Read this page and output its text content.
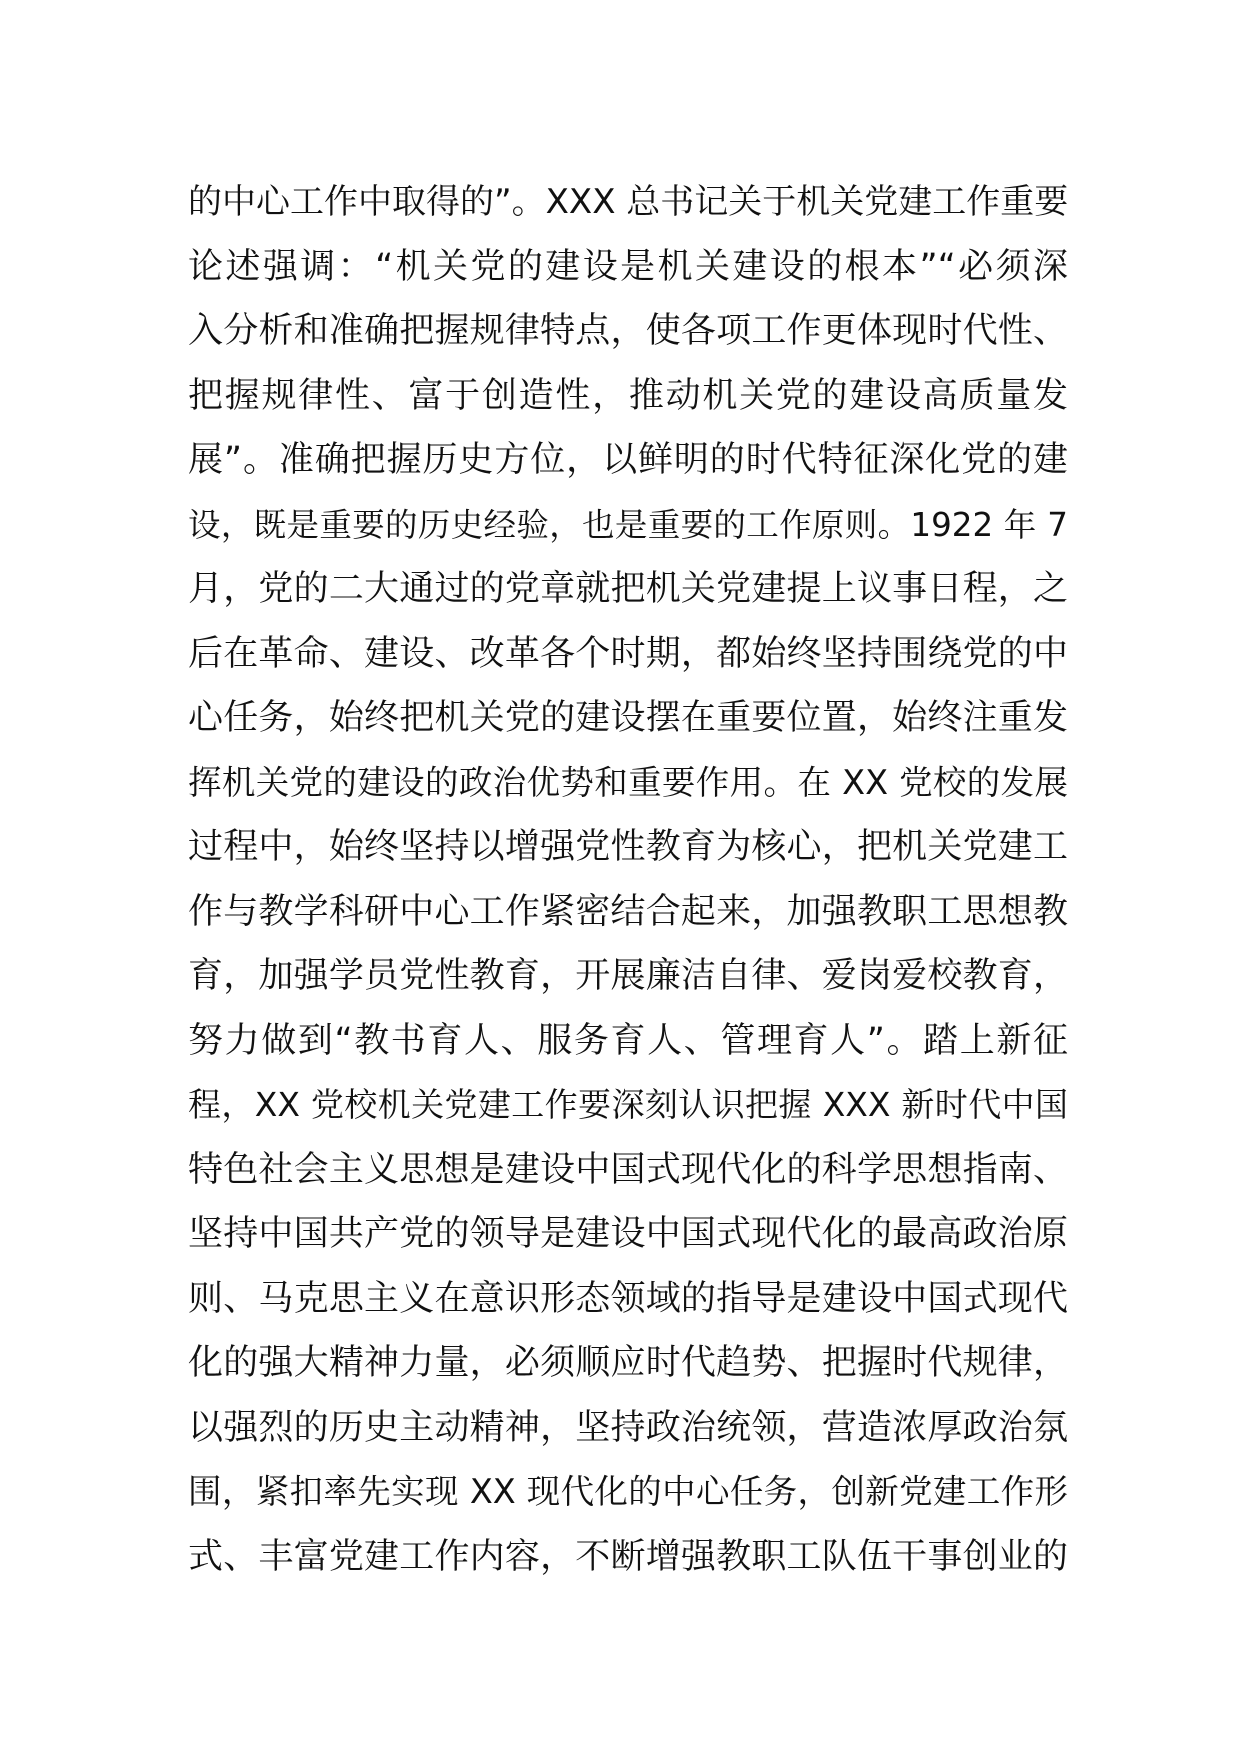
的中心工作中取得的”。XXX 总书记关于机关党建工作重要
论述强调：“机关党的建设是机关建设的根本”“必须深
入分析和准确把握规律特点，使各项工作更体现时代性、
把握规律性、富于创造性，推动机关党的建设高质量发
展”。准确把握历史方位，以鲜明的时代特征深化党的建
设，既是重要的历史经验，也是重要的工作原则。1922 年 7
月，党的二大通过的党章就把机关党建提上议事日程，之
后在革命、建设、改革各个时期，都始终坚持围绕党的中
心任务，始终把机关党的建设摆在重要位置，始终注重发
挥机关党的建设的政治优势和重要作用。在 XX 党校的发展
过程中，始终坚持以增强党性教育为核心，把机关党建工
作与教学科研中心工作紧密结合起来，加强教职工思想教
育，加强学员党性教育，开展廉洁自律、爱岗爱校教育，
努力做到“教书育人、服务育人、管理育人”。踏上新征
程，XX 党校机关党建工作要深刻认识把握 XXX 新时代中国
特色社会主义思想是建设中国式现代化的科学思想指南、
坚持中国共产党的领导是建设中国式现代化的最高政治原
则、马克思主义在意识形态领域的指导是建设中国式现代
化的强大精神力量，必须顺应时代趋势、把握时代规律，
以强烈的历史主动精神，坚持政治统领，营造浓厚政治氛
围，紧扣率先实现 XX 现代化的中心任务，创新党建工作形
式、丰富党建工作内容，不断增强教职工队伍干事创业的
